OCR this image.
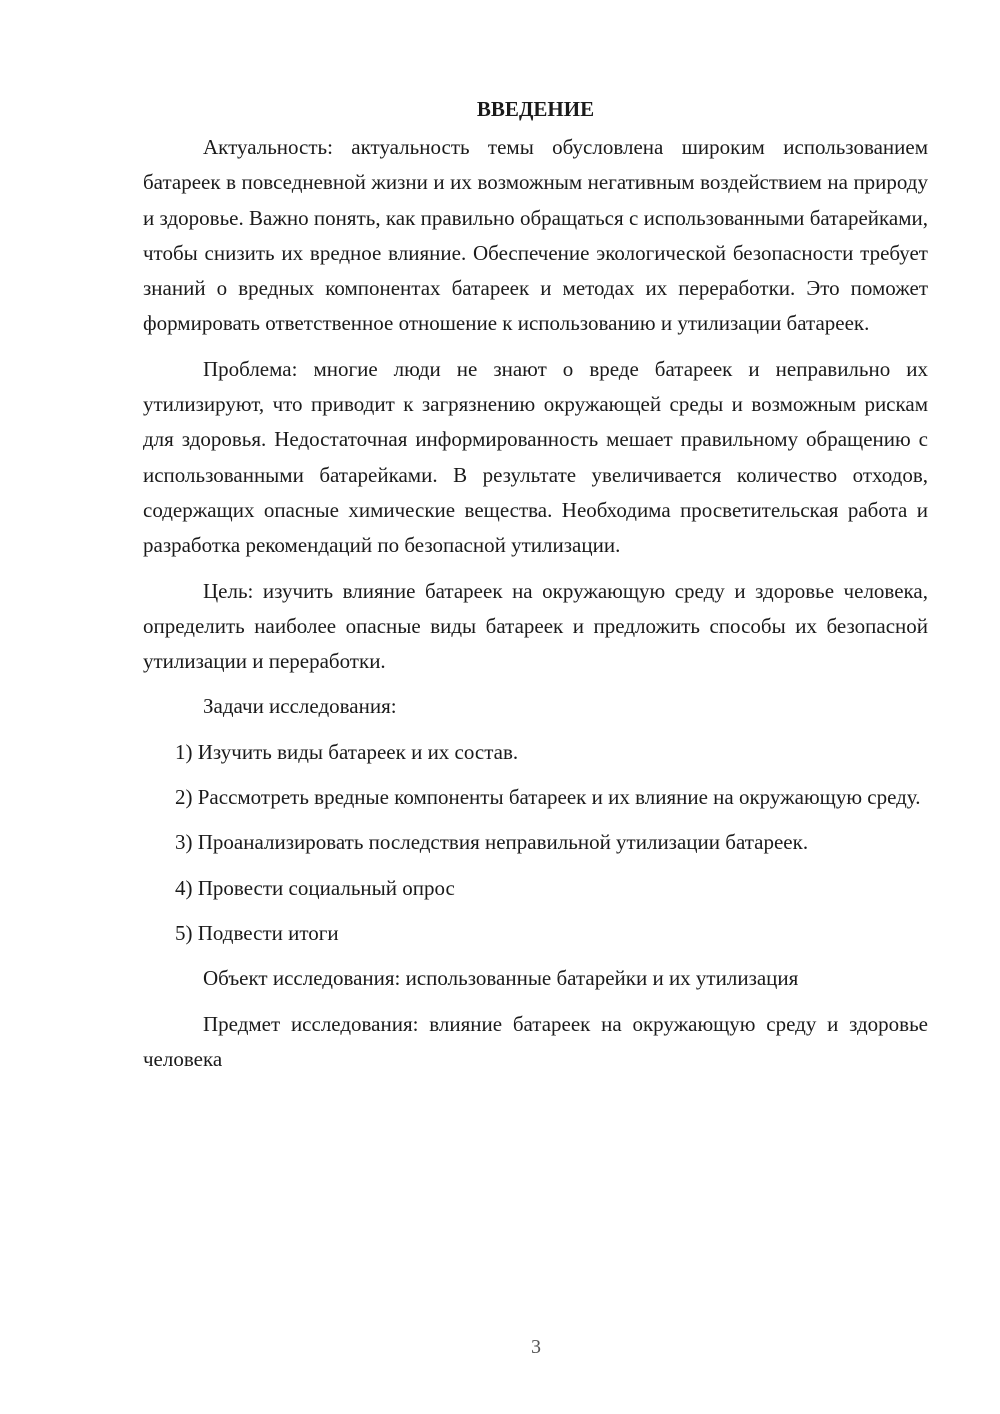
ВВЕДЕНИЕ

Актуальность: актуальность темы обусловлена широким использованием батареек в повседневной жизни и их возможным негативным воздействием на природу и здоровье. Важно понять, как правильно обращаться с использованными батарейками, чтобы снизить их вредное влияние. Обеспечение экологической безопасности требует знаний о вредных компонентах батареек и методах их переработки. Это поможет формировать ответственное отношение к использованию и утилизации батареек.

Проблема: многие люди не знают о вреде батареек и неправильно их утилизируют, что приводит к загрязнению окружающей среды и возможным рискам для здоровья. Недостаточная информированность мешает правильному обращению с использованными батарейками. В результате увеличивается количество отходов, содержащих опасные химические вещества. Необходима просветительская работа и разработка рекомендаций по безопасной утилизации.

Цель: изучить влияние батареек на окружающую среду и здоровье человека, определить наиболее опасные виды батареек и предложить способы их безопасной утилизации и переработки.

Задачи исследования:

1) Изучить виды батареек и их состав.
2) Рассмотреть вредные компоненты батареек и их влияние на окружающую среду.
3) Проанализировать последствия неправильной утилизации батареек.
4) Провести социальный опрос
5) Подвести итоги

Объект исследования: использованные батарейки и их утилизация

Предмет исследования: влияние батареек на окружающую среду и здоровье человека

3
